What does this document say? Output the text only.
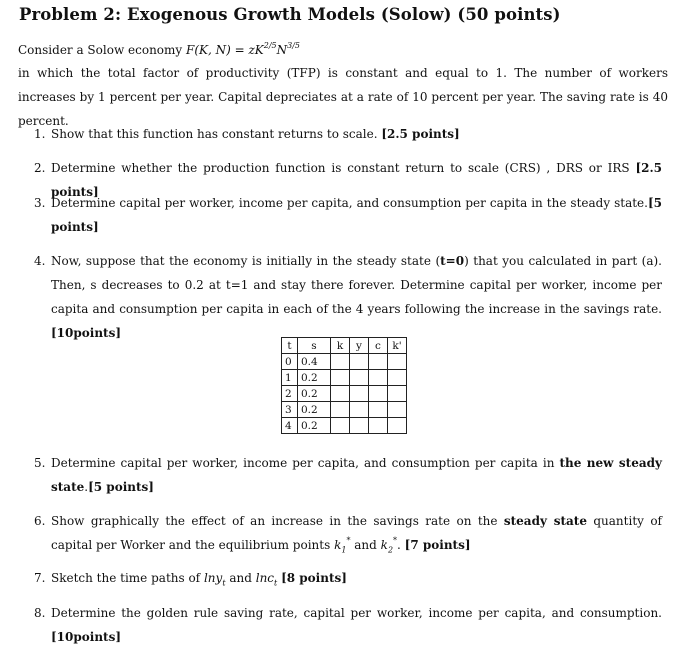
Problem 2: Exogenous Growth Models (Solow) (50 points)
Consider a Solow economy F(K, $N) = zK^{2/5}N^{3/5}$
in which the total factor of productivity (TFP) is constant and equal to 1. The number of workers increases by 1 percent per year. Capital depreciates at a rate of 10 percent per year. The saving rate is 40 percent.
1. Show that this function has constant returns to scale. [2.5 points]
2. Determine whether the production function is constant return to scale (CRS) , DRS or IRS [2.5 points]
3. Determine capital per worker, income per capita, and consumption per capita in the steady state.[5 points]
4. Now, suppose that the economy is initially in the steady state (t=0) that you calculated in part (a). Then, s decreases to 0.2 at t=1 and stay there forever. Determine capital per worker, income per capita and consumption per capita in each of the 4 years following the increase in the savings rate.[10points]
t	s	k	y	c	k'
0	0.4				
1	0.2				
2	0.2				
3	0.2				
4	0.2				
5. Determine capital per worker, income per capita, and consumption per capita in the new steady state.[5 points]
6. Show graphically the effect of an increase in the savings rate on the steady state quantity of capital per Worker and the equilibrium points $k_1^*$ and $k_2^*$. [7 points]
7. Sketch the time paths of lny$_t$ and lnc$_t$ [8 points]
8. Determine the golden rule saving rate, capital per worker, income per capita, and consumption.[10points]
